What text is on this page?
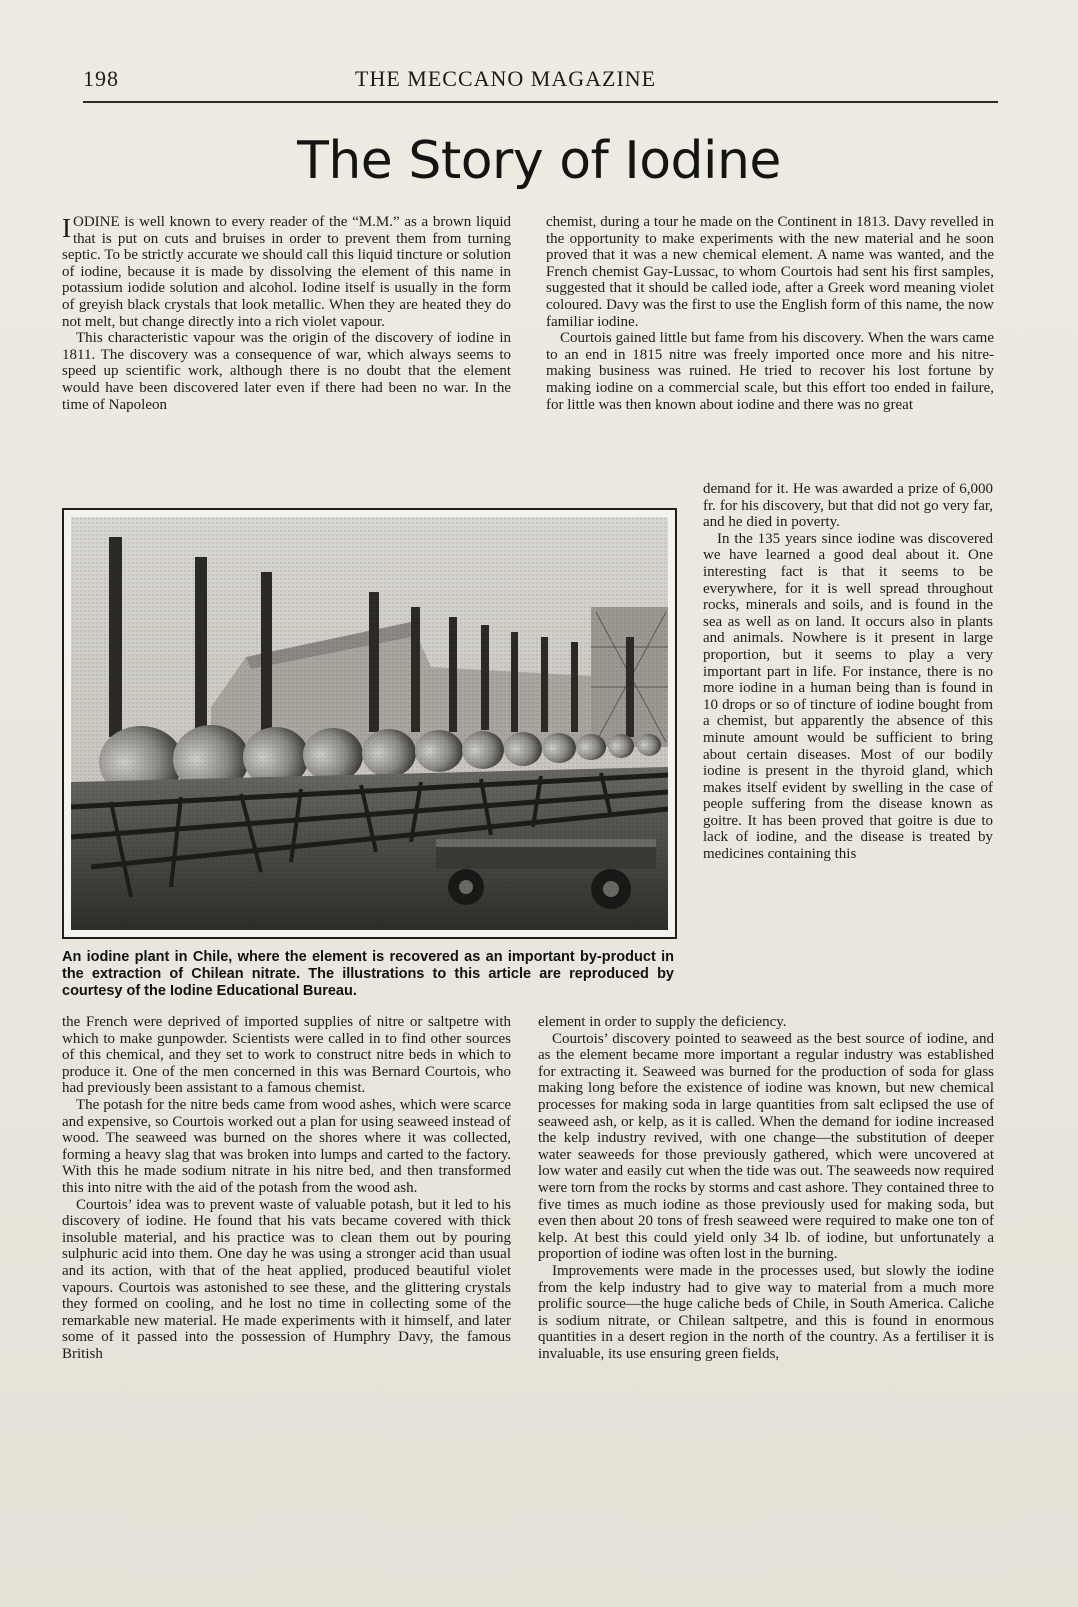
198	THE MECCANO MAGAZINE
The Story of Iodine

IODINE is well known to every reader of the “M.M.” as a brown liquid that is put on cuts and bruises in order to prevent them from turning septic. To be strictly accurate we should call this liquid tincture or solution of iodine, because it is made by dissolving the element of this name in potassium iodide solution and alcohol. Iodine itself is usually in the form of greyish black crystals that look metallic. When they are heated they do not melt, but change directly into a rich violet vapour.

This characteristic vapour was the origin of the discovery of iodine in 1811. The discovery was a consequence of war, which always seems to speed up scientific work, although there is no doubt that the element would have been discovered later even if there had been no war. In the time of Napoleon

chemist, during a tour he made on the Continent in 1813. Davy revelled in the opportunity to make experiments with the new material and he soon proved that it was a new chemical element. A name was wanted, and the French chemist Gay-Lussac, to whom Courtois had sent his first samples, suggested that it should be called iode, after a Greek word meaning violet coloured. Davy was the first to use the English form of this name, the now familiar iodine.

Courtois gained little but fame from his discovery. When the wars came to an end in 1815 nitre was freely imported once more and his nitre-making business was ruined. He tried to recover his lost fortune by making iodine on a commercial scale, but this effort too ended in failure, for little was then known about iodine and there was no great

An iodine plant in Chile, where the element is recovered as an important by-product in the extraction of Chilean nitrate. The illustrations to this article are reproduced by courtesy of the Iodine Educational Bureau.

demand for it. He was awarded a prize of 6,000 fr. for his discovery, but that did not go very far, and he died in poverty.

In the 135 years since iodine was discovered we have learned a good deal about it. One interesting fact is that it seems to be everywhere, for it is well spread throughout rocks, minerals and soils, and is found in the sea as well as on land. It occurs also in plants and animals. Nowhere is it present in large proportion, but it seems to play a very important part in life. For instance, there is no more iodine in a human being than is found in 10 drops or so of tincture of iodine bought from a chemist, but apparently the absence of this minute amount would be sufficient to bring about certain diseases. Most of our bodily iodine is present in the thyroid gland, which makes itself evident by swelling in the case of people suffering from the disease known as goitre. It has been proved that goitre is due to lack of iodine, and the disease is treated by medicines containing this

the French were deprived of imported supplies of nitre or saltpetre with which to make gunpowder. Scientists were called in to find other sources of this chemical, and they set to work to construct nitre beds in which to produce it. One of the men concerned in this was Bernard Courtois, who had previously been assistant to a famous chemist.

The potash for the nitre beds came from wood ashes, which were scarce and expensive, so Courtois worked out a plan for using seaweed instead of wood. The seaweed was burned on the shores where it was collected, forming a heavy slag that was broken into lumps and carted to the factory. With this he made sodium nitrate in his nitre bed, and then transformed this into nitre with the aid of the potash from the wood ash.

Courtois’ idea was to prevent waste of valuable potash, but it led to his discovery of iodine. He found that his vats became covered with thick insoluble material, and his practice was to clean them out by pouring sulphuric acid into them. One day he was using a stronger acid than usual and its action, with that of the heat applied, produced beautiful violet vapours. Courtois was astonished to see these, and the glittering crystals they formed on cooling, and he lost no time in collecting some of the remarkable new material. He made experiments with it himself, and later some of it passed into the possession of Humphry Davy, the famous British

element in order to supply the deficiency.

Courtois’ discovery pointed to seaweed as the best source of iodine, and as the element became more important a regular industry was established for extracting it. Seaweed was burned for the production of soda for glass making long before the existence of iodine was known, but new chemical processes for making soda in large quantities from salt eclipsed the use of seaweed ash, or kelp, as it is called. When the demand for iodine increased the kelp industry revived, with one change—the substitution of deeper water seaweeds for those previously gathered, which were uncovered at low water and easily cut when the tide was out. The seaweeds now required were torn from the rocks by storms and cast ashore. They contained three to five times as much iodine as those previously used for making soda, but even then about 20 tons of fresh seaweed were required to make one ton of kelp. At best this could yield only 34 lb. of iodine, but unfortunately a proportion of iodine was often lost in the burning.

Improvements were made in the processes used, but slowly the iodine from the kelp industry had to give way to material from a much more prolific source—the huge caliche beds of Chile, in South America. Caliche is sodium nitrate, or Chilean saltpetre, and this is found in enormous quantities in a desert region in the north of the country. As a fertiliser it is invaluable, its use ensuring green fields,
